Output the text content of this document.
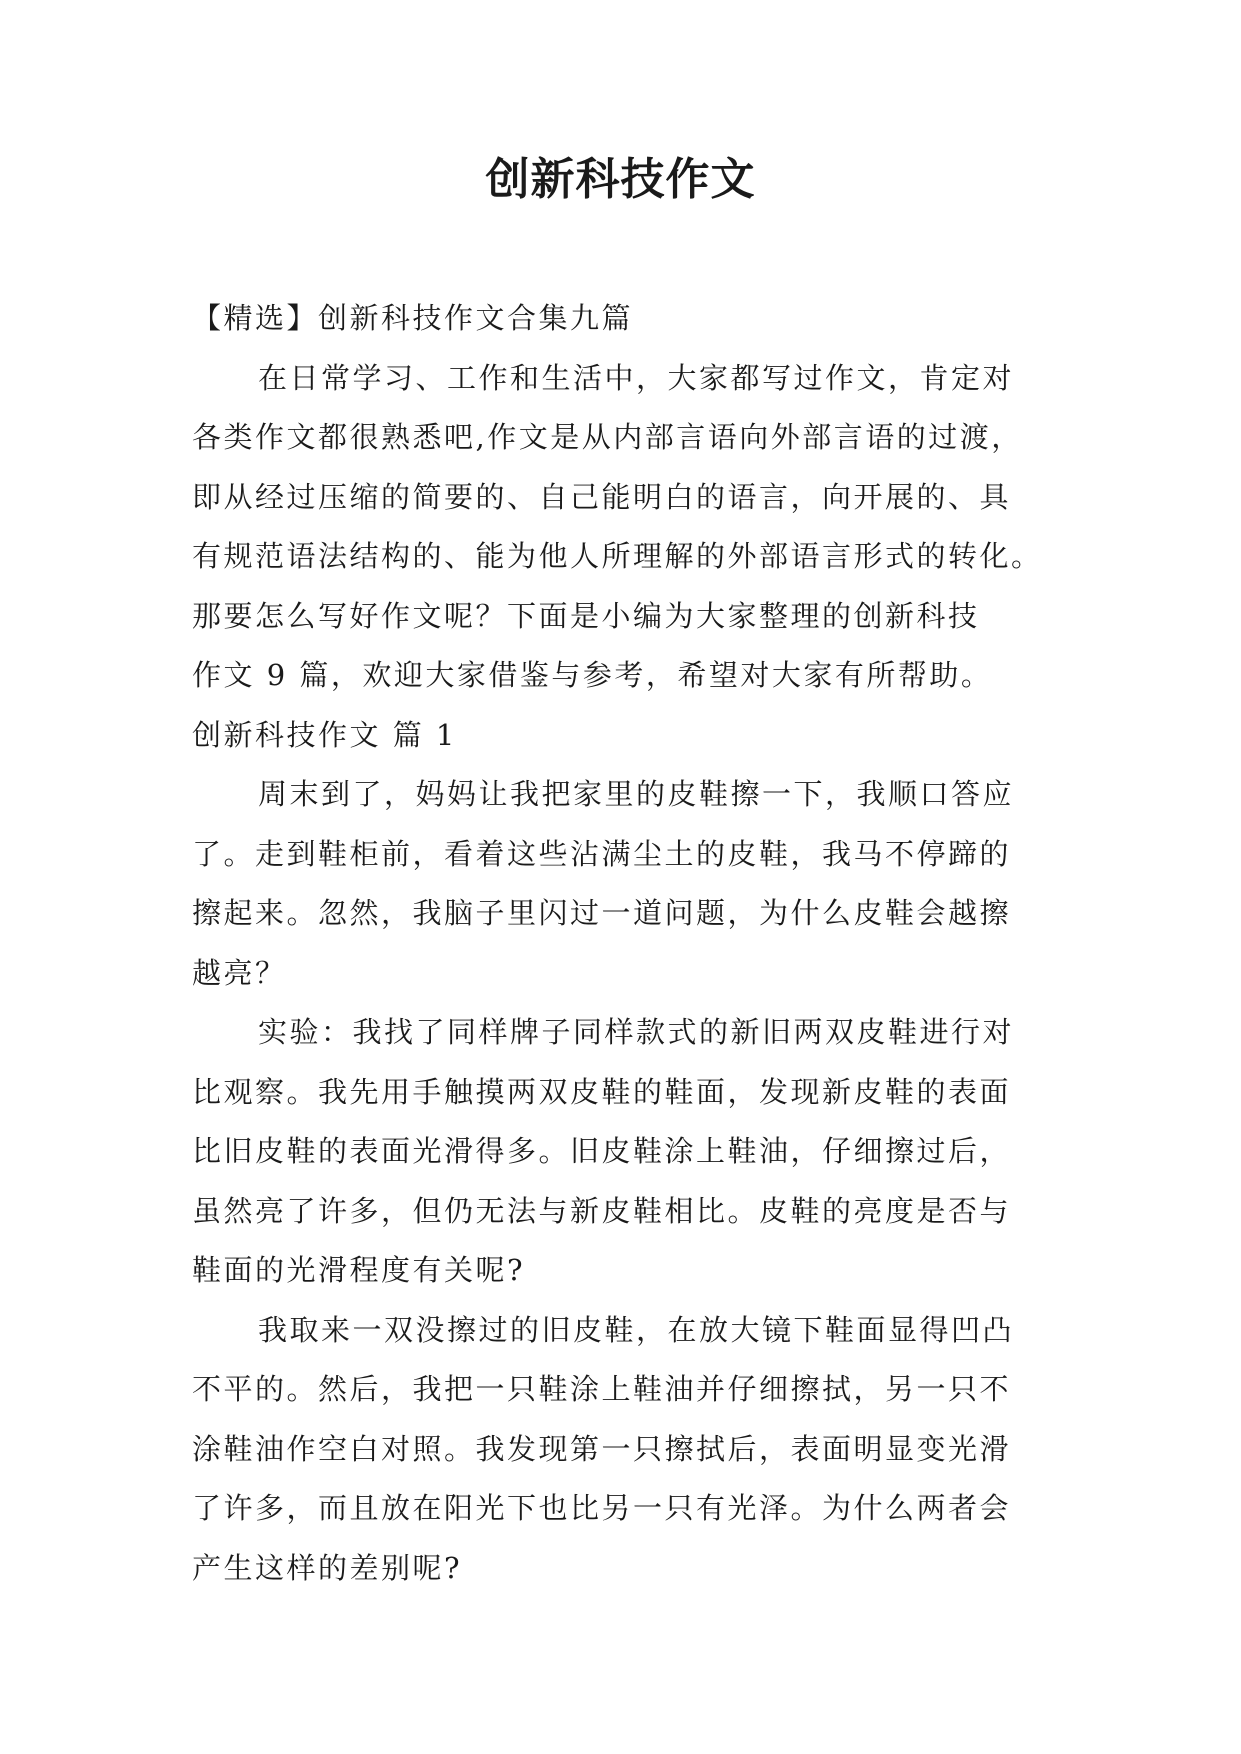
创新科技作文

【精选】创新科技作文合集九篇

在日常学习、工作和生活中，大家都写过作文，肯定对

各类作文都很熟悉吧,作文是从内部言语向外部言语的过渡，

即从经过压缩的简要的、自己能明白的语言，向开展的、具

有规范语法结构的、能为他人所理解的外部语言形式的转化。

那要怎么写好作文呢？下面是小编为大家整理的创新科技

作文 9 篇，欢迎大家借鉴与参考，希望对大家有所帮助。

创新科技作文 篇 1

周末到了，妈妈让我把家里的皮鞋擦一下，我顺口答应

了。走到鞋柜前，看着这些沾满尘土的皮鞋，我马不停蹄的

擦起来。忽然，我脑子里闪过一道问题，为什么皮鞋会越擦

越亮？

实验：我找了同样牌子同样款式的新旧两双皮鞋进行对

比观察。我先用手触摸两双皮鞋的鞋面，发现新皮鞋的表面

比旧皮鞋的表面光滑得多。旧皮鞋涂上鞋油，仔细擦过后，

虽然亮了许多，但仍无法与新皮鞋相比。皮鞋的亮度是否与

鞋面的光滑程度有关呢?

我取来一双没擦过的旧皮鞋，在放大镜下鞋面显得凹凸

不平的。然后，我把一只鞋涂上鞋油并仔细擦拭，另一只不

涂鞋油作空白对照。我发现第一只擦拭后，表面明显变光滑

了许多，而且放在阳光下也比另一只有光泽。为什么两者会

产生这样的差别呢?
